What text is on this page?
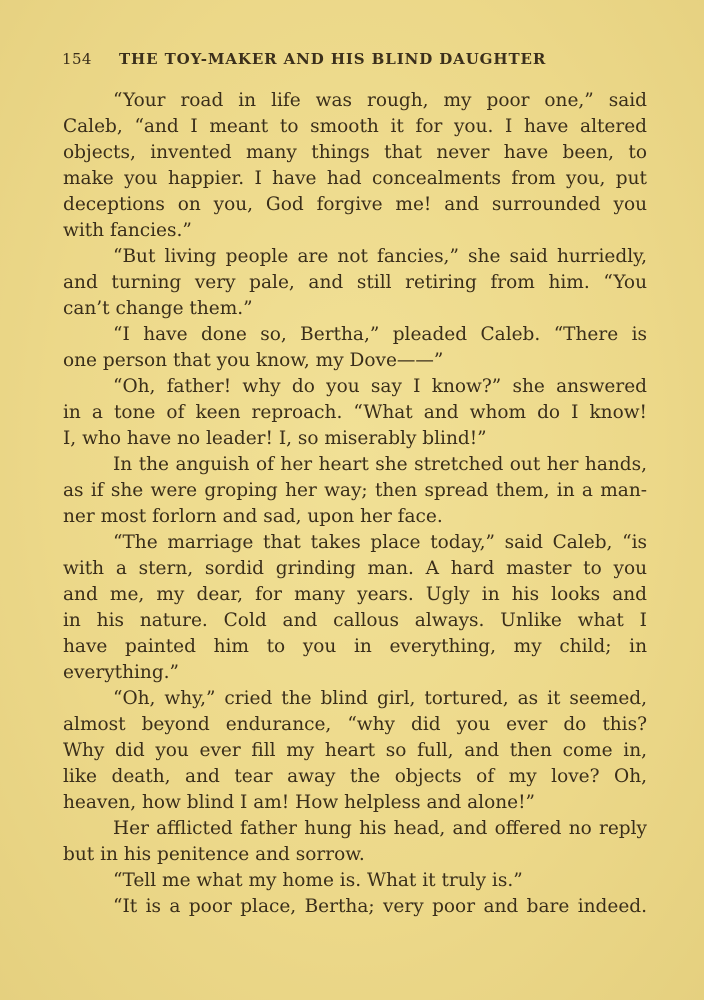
154 THE TOY-MAKER AND HIS BLIND DAUGHTER
“Your road in life was rough, my poor one,” said
Caleb, “and I meant to smooth it for you. I have altered
objects, invented many things that never have been, to
make you happier. I have had concealments from you, put
deceptions on you, God forgive me! and surrounded you
with fancies.”
“But living people are not fancies,” she said hurriedly,
and turning very pale, and still retiring from him. “You
can’t change them.”
“I have done so, Bertha,” pleaded Caleb. “There is
one person that you know, my Dove——”
“Oh, father! why do you say I know?” she answered
in a tone of keen reproach. “What and whom do I know!
I, who have no leader! I, so miserably blind!”
In the anguish of her heart she stretched out her hands,
as if she were groping her way; then spread them, in a man-
ner most forlorn and sad, upon her face.
“The marriage that takes place today,” said Caleb, “is
with a stern, sordid grinding man. A hard master to you
and me, my dear, for many years. Ugly in his looks and
in his nature. Cold and callous always. Unlike what I
have painted him to you in everything, my child; in
everything.”
“Oh, why,” cried the blind girl, tortured, as it seemed,
almost beyond endurance, “why did you ever do this?
Why did you ever fill my heart so full, and then come in,
like death, and tear away the objects of my love? Oh,
heaven, how blind I am! How helpless and alone!”
Her afflicted father hung his head, and offered no reply
but in his penitence and sorrow.
“Tell me what my home is. What it truly is.”
“It is a poor place, Bertha; very poor and bare indeed.
